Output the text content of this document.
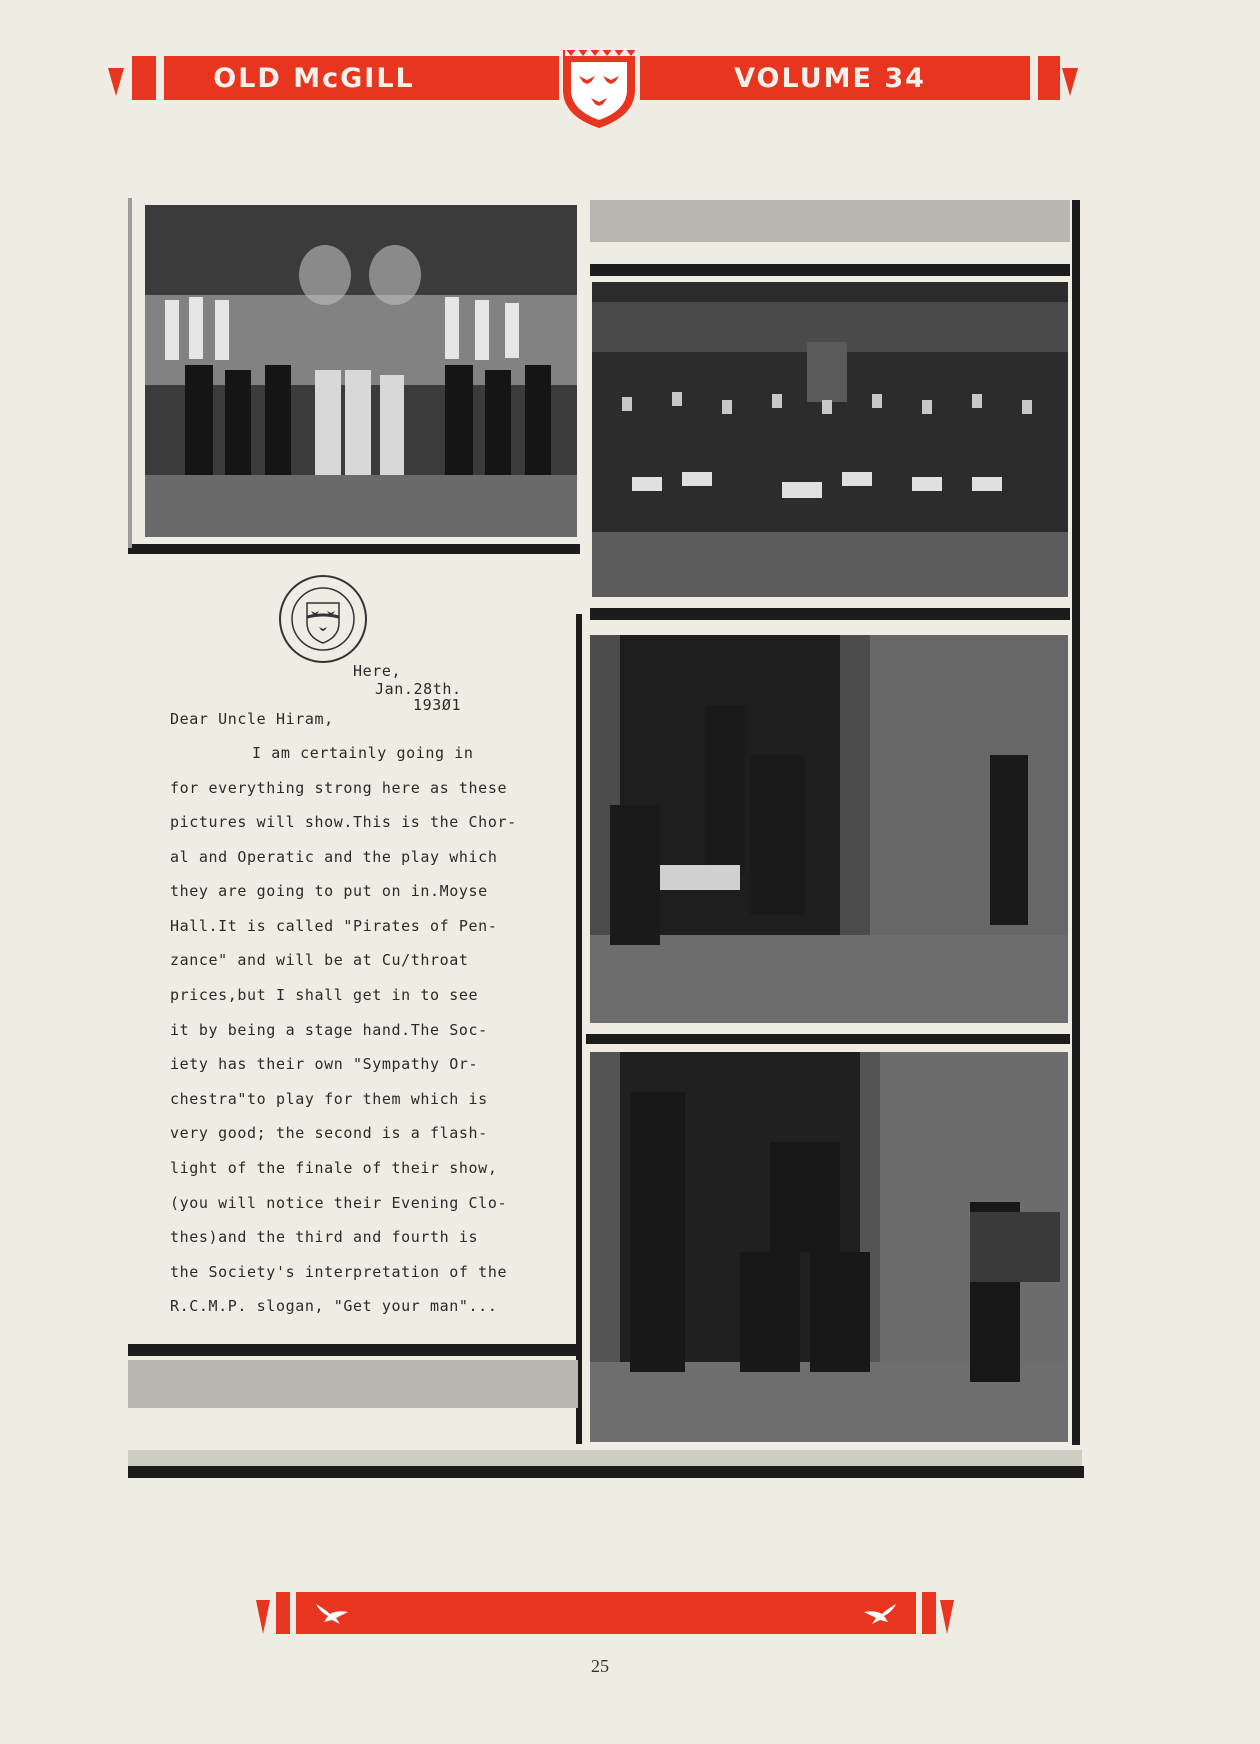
OLD McGILL	VOLUME 34
Here,
Jan.28th.
193Ø1
Dear Uncle Hiram,
I am certainly going in
for everything strong here as these
pictures will show.This is the Chor-
al and Operatic and the play which
they are going to put on in.Moyse
Hall.It is called "Pirates of Pen-
zance" and will be at Cu/throat
prices,but I shall get in to see
it by being a stage hand.The Soc-
iety has their own "Sympathy Or-
chestra"to play for them which is
very good; the second is a flash-
light of the finale of their show,
(you will notice their Evening Clo-
thes)and the third and fourth is
the Society's interpretation of the
R.C.M.P. slogan, "Get your man"...
25
